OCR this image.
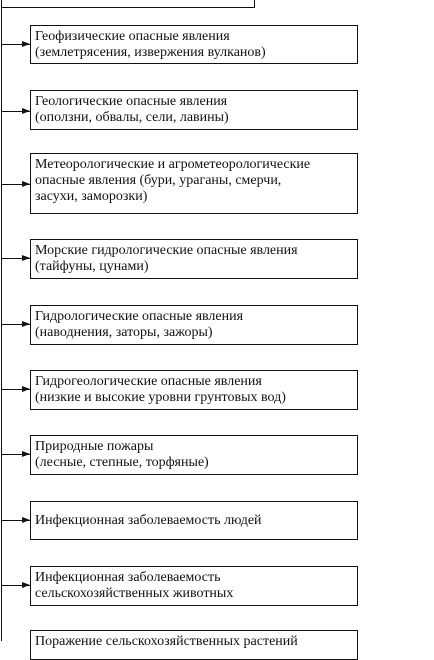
Геофизические опасные явления
(землетрясения, извержения вулканов)
Геологические опасные явления
(оползни, обвалы, сели, лавины)
Метеорологические и агрометеорологические
опасные явления (бури, ураганы, смерчи,
засухи, заморозки)
Морские гидрологические опасные явления
(тайфуны, цунами)
Гидрологические опасные явления
(наводнения, заторы, зажоры)
Гидрогеологические опасные явления
(низкие и высокие уровни грунтовых вод)
Природные пожары
(лесные, степные, торфяные)
Инфекционная заболеваемость людей
Инфекционная заболеваемость
сельскохозяйственных животных
Поражение сельскохозяйственных растений
